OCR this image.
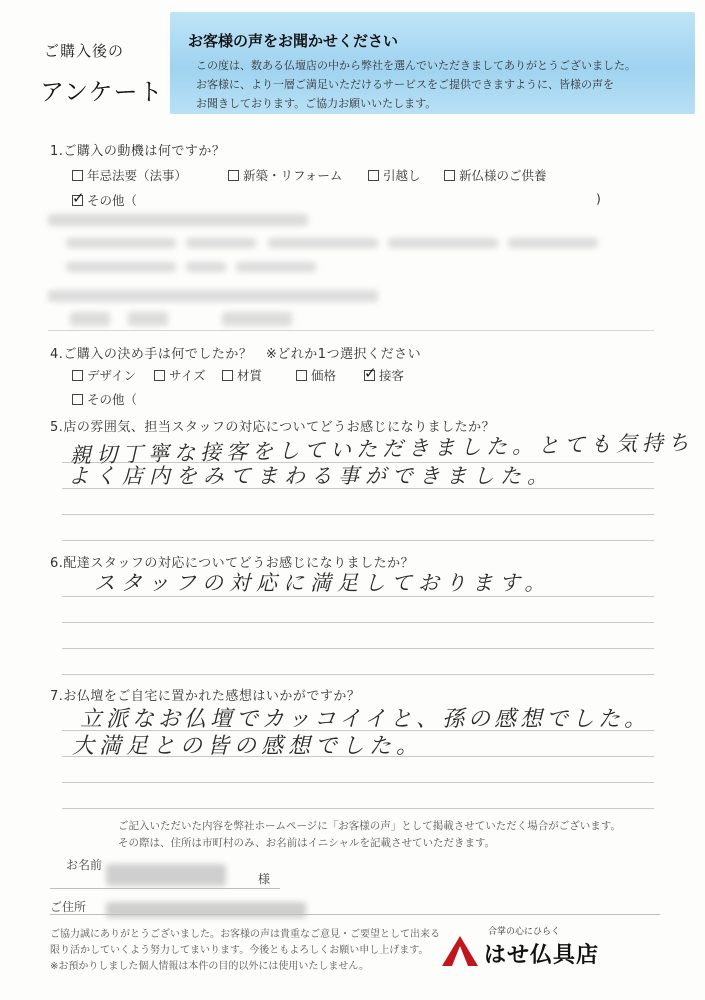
ご購入後の
アンケート
お客様の声をお聞かせください
この度は、数ある仏壇店の中から弊社を選んでいただきましてありがとうございました。
お客様に、より一層ご満足いただけるサービスをご提供できますように、皆様の声を
お聞きしております。ご協力お願いいたします。
1.ご購入の動機は何ですか？
年忌法要（法事）	新築・リフォーム	引越し	新仏様のご供養
✓
その他（	)
4.ご購入の決め手は何でしたか？　※どれか1つ選択ください
デザイン	サイズ	材質	価格
✓	接客
その他（
5.店の雰囲気、担当スタッフの対応についてどうお感じになりましたか？
親切丁寧な接客をしていただきました。とても気持ち
よく店内をみてまわる事ができました。
6.配達スタッフの対応についてどうお感じになりましたか？
スタッフの対応に満足しております。
7.お仏壇をご自宅に置かれた感想はいかがですか？
立派なお仏壇でカッコイイと、孫の感想でした。
大満足との皆の感想でした。
ご記入いただいた内容を弊社ホームページに「お客様の声」として掲載させていただく場合がございます。
その際は、住所は市町村のみ、お名前はイニシャルを記載させていただきます。
お名前
様
ご住所
ご協力誠にありがとうございました。お客様の声は貴重なご意見・ご要望として出来る
限り活かしていくよう努力してまいります。今後ともよろしくお願い申し上げます。
※お預かりしました個人情報は本件の目的以外には使用いたしません。
合掌の心にひらく
はせ仏具店
